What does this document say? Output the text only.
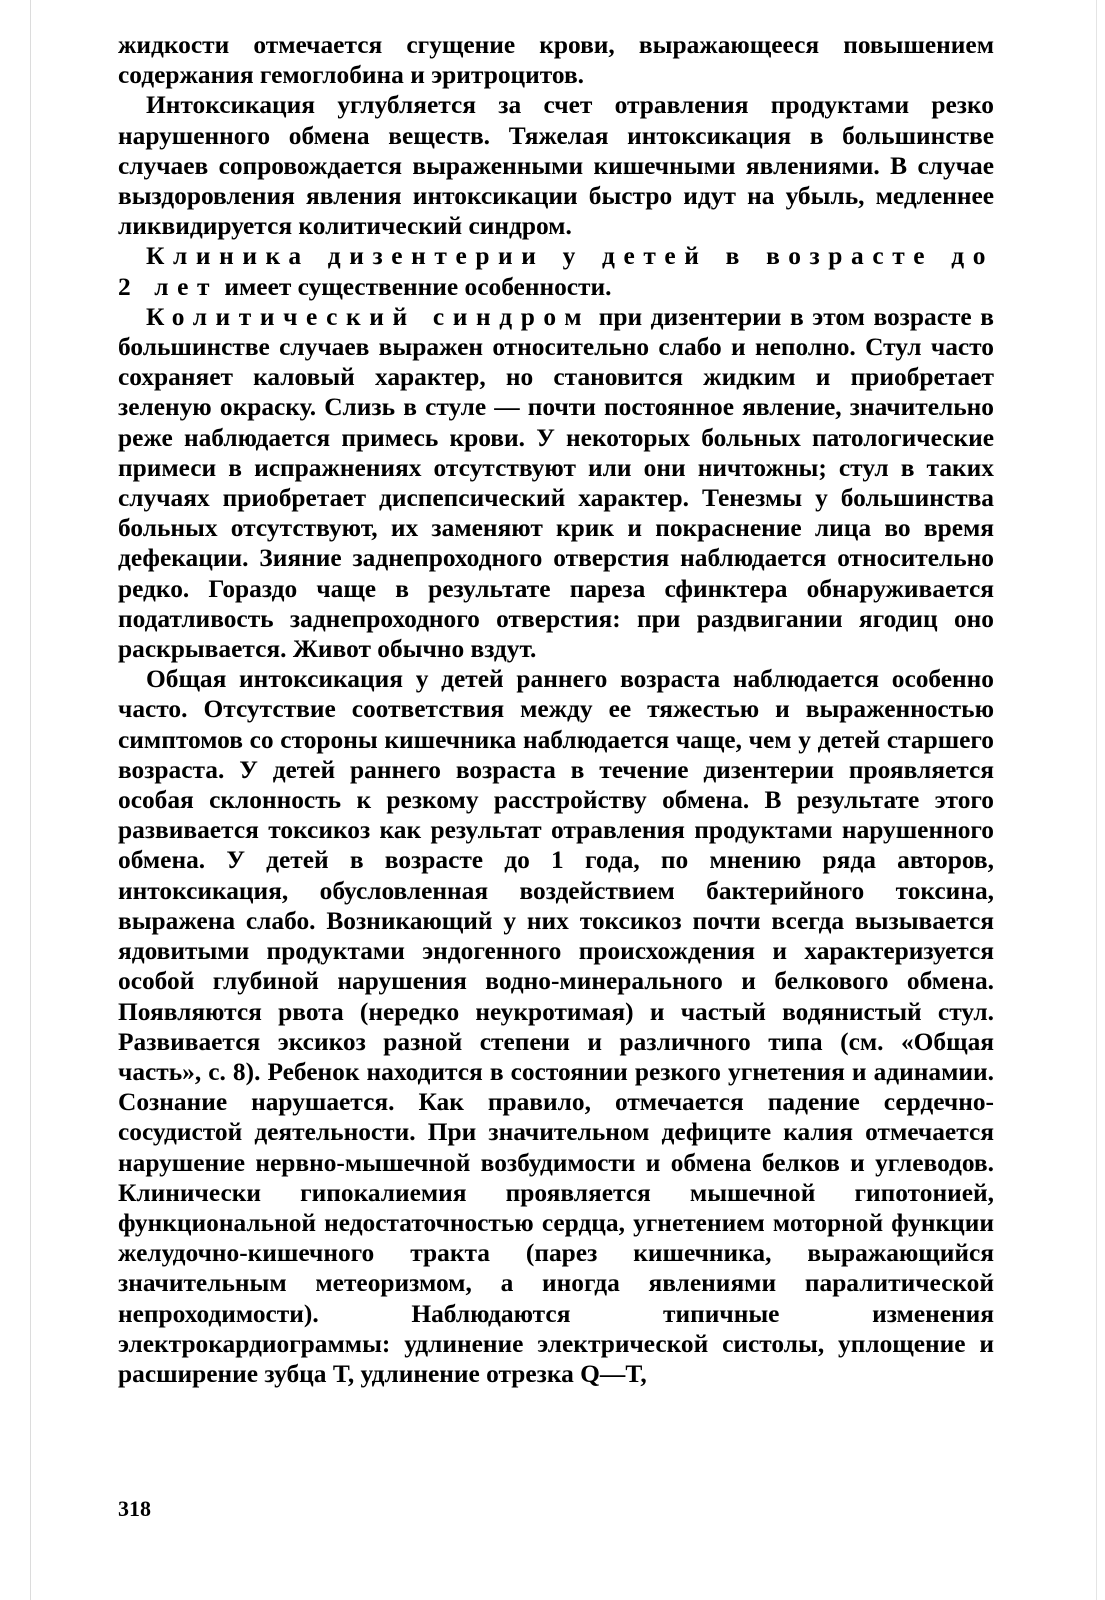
жидкости отмечается сгущение крови, выражающееся повышением содержания гемоглобина и эритроцитов.

Интоксикация углубляется за счет отравления продуктами резко нарушенного обмена веществ. Тяжелая интоксикация в большинстве случаев сопровождается выраженными кишечными явлениями. В случае выздоровления явления интоксикации быстро идут на убыль, медленнее ликвидируется колитический синдром.

Клиника дизентерии у детей в возрасте до 2 лет имеет существенние особенности.

Колитический синдром при дизентерии в этом возрасте в большинстве случаев выражен относительно слабо и неполно. Стул часто сохраняет каловый характер, но становится жидким и приобретает зеленую окраску. Слизь в стуле — почти постоянное явление, значительно реже наблюдается примесь крови. У некоторых больных патологические примеси в испражнениях отсутствуют или они ничтожны; стул в таких случаях приобретает диспепсический характер. Тенезмы у большинства больных отсутствуют, их заменяют крик и покраснение лица во время дефекации. Зияние заднепроходного отверстия наблюдается относительно редко. Гораздо чаще в результате пареза сфинктера обнаруживается податливость заднепроходного отверстия: при раздвигании ягодиц оно раскрывается. Живот обычно вздут.

Общая интоксикация у детей раннего возраста наблюдается особенно часто. Отсутствие соответствия между ее тяжестью и выраженностью симптомов со стороны кишечника наблюдается чаще, чем у детей старшего возраста. У детей раннего возраста в течение дизентерии проявляется особая склонность к резкому расстройству обмена. В результате этого развивается токсикоз как результат отравления продуктами нарушенного обмена. У детей в возрасте до 1 года, по мнению ряда авторов, интоксикация, обусловленная воздействием бактерийного токсина, выражена слабо. Возникающий у них токсикоз почти всегда вызывается ядовитыми продуктами эндогенного происхождения и характеризуется особой глубиной нарушения водно-минерального и белкового обмена. Появляются рвота (нередко неукротимая) и частый водянистый стул. Развивается эксикоз разной степени и различного типа (см. «Общая часть», с. 8). Ребенок находится в состоянии резкого угнетения и адинамии. Сознание нарушается. Как правило, отмечается падение сердечно-сосудистой деятельности. При значительном дефиците калия отмечается нарушение нервно-мышечной возбудимости и обмена белков и углеводов. Клинически гипокалиемия проявляется мышечной гипотонией, функциональной недостаточностью сердца, угнетением моторной функции желудочно-кишечного тракта (парез кишечника, выражающийся значительным метеоризмом, а иногда явлениями паралитической непроходимости). Наблюдаются типичные изменения электрокардиограммы: удлинение электрической систолы, уплощение и расширение зубца T, удлинение отрезка Q—T,

318
